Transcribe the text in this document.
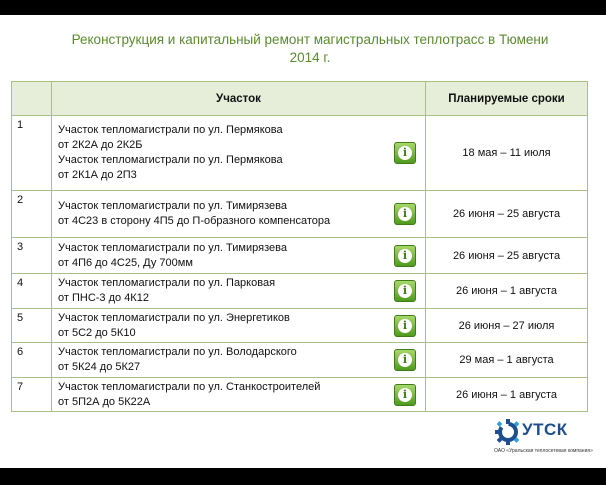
Реконструкция и капитальный ремонт магистральных теплотрасс в Тюмени
2014 г.
	Участок	Планируемые сроки
1	Участок тепломагистрали по ул. Пермякова
от 2К2А до 2К2Б
Участок тепломагистрали по ул. Пермякова
от 2К1А до 2П3
i	18 мая – 11 июля
2	Участок тепломагистрали по ул. Тимирязева
от 4С23 в сторону 4П5 до П-образного компенсатора
i	26 июня – 25 августа
3	Участок тепломагистрали по ул. Тимирязева
от 4П6 до 4С25, Ду 700мм
i	26 июня – 25 августа
4	Участок тепломагистрали по ул. Парковая
от ПНС-3 до 4К12
i	26 июня – 1 августа
5	Участок тепломагистрали по ул. Энергетиков
от 5С2 до 5К10
i	26 июня – 27 июля
6	Участок тепломагистрали по ул. Володарского
от 5К24 до 5К27
i	29 мая – 1 августа
7	Участок тепломагистрали по ул. Станкостроителей
от 5П2А до 5К22А
i	26 июня – 1 августа
УТСК
ОАО «Уральская теплосетевая компания»
